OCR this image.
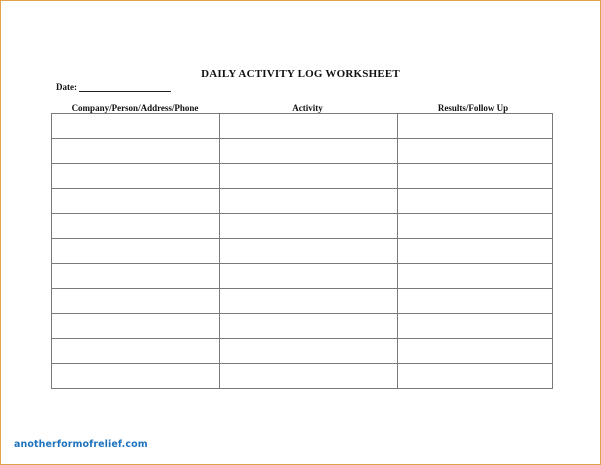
DAILY ACTIVITY LOG WORKSHEET
Date:
Company/Person/Address/Phone	Activity	Results/Follow Up

anotherformofrelief.com
